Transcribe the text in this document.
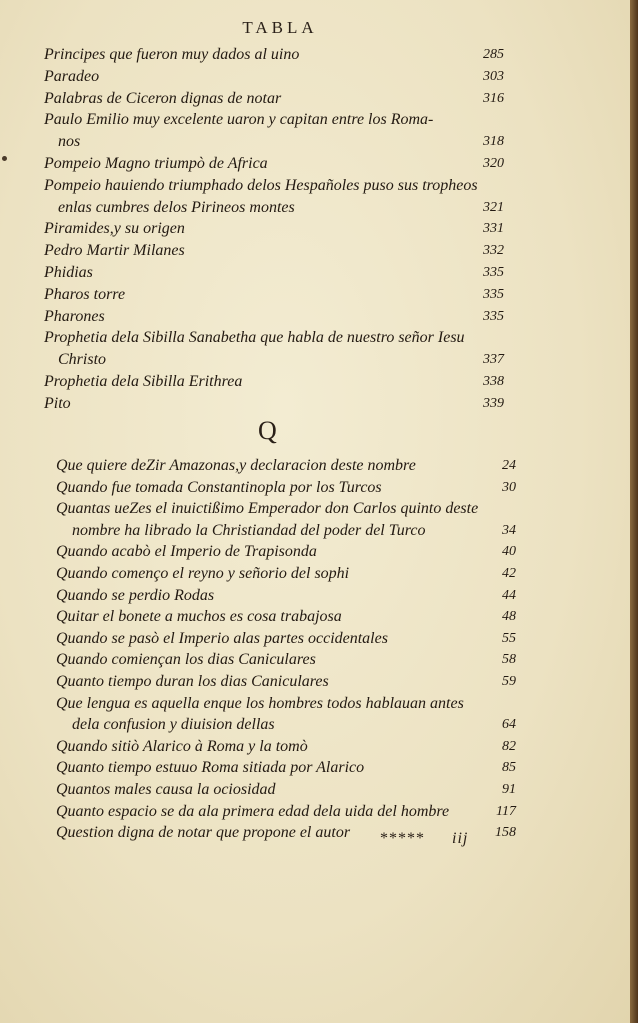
TABLA
Principes que fueron muy dados al uino	285
Paradeo	303
Palabras de Ciceron dignas de notar	316
Paulo Emilio muy excelente uaron y capitan entre los Roma-
nos	318
Pompeio Magno triumpò de Africa	320
Pompeio hauiendo triumphado delos Hespañoles puso sus tropheos
enlas cumbres delos Pirineos montes	321
Piramides,y su origen	331
Pedro Martir Milanes	332
Phidias	335
Pharos torre	335
Pharones	335
Prophetia dela Sibilla Sanabetha que habla de nuestro señor Iesu
Christo	337
Prophetia dela Sibilla Erithrea	338
Pito	339
Q
Que quiere deZir Amazonas,y declaracion deste nombre	24
Quando fue tomada Constantinopla por los Turcos	30
Quantas ueZes el inuictißimo Emperador don Carlos quinto deste
nombre ha librado la Christiandad del poder del Turco	34
Quando acabò el Imperio de Trapisonda	40
Quando començo el reyno y señorio del sophi	42
Quando se perdio Rodas	44
Quitar el bonete a muchos es cosa trabajosa	48
Quando se pasò el Imperio alas partes occidentales	55
Quando comiençan los dias Caniculares	58
Quanto tiempo duran los dias Caniculares	59
Que lengua es aquella enque los hombres todos hablauan antes
dela confusion y diuision dellas	64
Quando sitiò Alarico à Roma y la tomò	82
Quanto tiempo estuuo Roma sitiada por Alarico	85
Quantos males causa la ociosidad	91
Quanto espacio se da ala primera edad dela uida del hombre	117
Question digna de notar que propone el autor	158
***** iij
